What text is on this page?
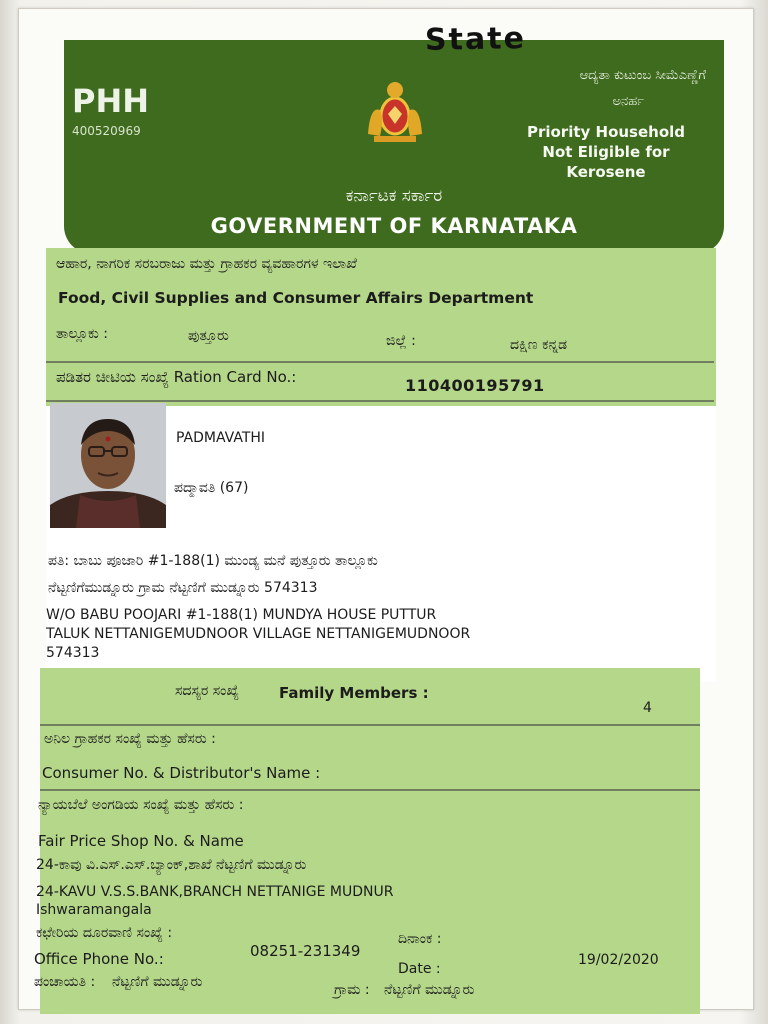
PHH
400520969
ಆದ್ಯತಾ ಕುಟುಂಬ ಸೀಮೆಎಣ್ಣೆಗೆ
ಅನರ್ಹ
Priority Household
Not Eligible for
Kerosene
ಕರ್ನಾಟಕ ಸರ್ಕಾರ
GOVERNMENT OF KARNATAKA
State
ಆಹಾರ, ನಾಗರಿಕ ಸರಬರಾಜು ಮತ್ತು ಗ್ರಾಹಕರ ವ್ಯವಹಾರಗಳ ಇಲಾಖೆ
Food, Civil Supplies and Consumer Affairs Department
ತಾಲ್ಲೂಕು :	ಪುತ್ತೂರು	ಜಿಲ್ಲೆ :	ದಕ್ಷಿಣ ಕನ್ನಡ
ಪಡಿತರ ಚೀಟಿಯ ಸಂಖ್ಯೆ Ration Card No.:	110400195791
PADMAVATHI
ಪದ್ಮಾವತಿ (67)
ಪತಿ: ಬಾಬು ಪೂಜಾರಿ #1-188(1) ಮುಂಡ್ಯ ಮನೆ ಪುತ್ತೂರು ತಾಲ್ಲೂಕು
ನೆಟ್ಟಣಿಗೆಮುಡ್ನೂರು ಗ್ರಾಮ ನೆಟ್ಟಣಿಗೆ ಮುಡ್ನೂರು 574313
W/O BABU POOJARI #1-188(1) MUNDYA HOUSE PUTTUR
TALUK NETTANIGEMUDNOOR VILLAGE NETTANIGEMUDNOOR
574313
ಸದಸ್ಯರ ಸಂಖ್ಯೆ	Family Members :
4
ಅನಿಲ ಗ್ರಾಹಕರ ಸಂಖ್ಯೆ ಮತ್ತು ಹೆಸರು :
Consumer No. & Distributor's Name :
ನ್ಯಾಯಬೆಲೆ ಅಂಗಡಿಯ ಸಂಖ್ಯೆ ಮತ್ತು ಹೆಸರು :
Fair Price Shop No. & Name
24-ಕಾವು ವಿ.ಎಸ್.ಎಸ್.ಬ್ಯಾಂಕ್,ಶಾಖೆ ನೆಟ್ಟಣಿಗೆ ಮುಡ್ನೂರು
24-KAVU V.S.S.BANK,BRANCH NETTANIGE MUDNUR
Ishwaramangala
ಕಛೇರಿಯ ದೂರವಾಣಿ ಸಂಖ್ಯೆ :
08251-231349
Office Phone No.:
ದಿನಾಂಕ :
Date :
19/02/2020
ಪಂಚಾಯತಿ : ನೆಟ್ಟಣಿಗೆ ಮುಡ್ನೂರು	ಗ್ರಾಮ : ನೆಟ್ಟಣಿಗೆ ಮುಡ್ನೂರು
